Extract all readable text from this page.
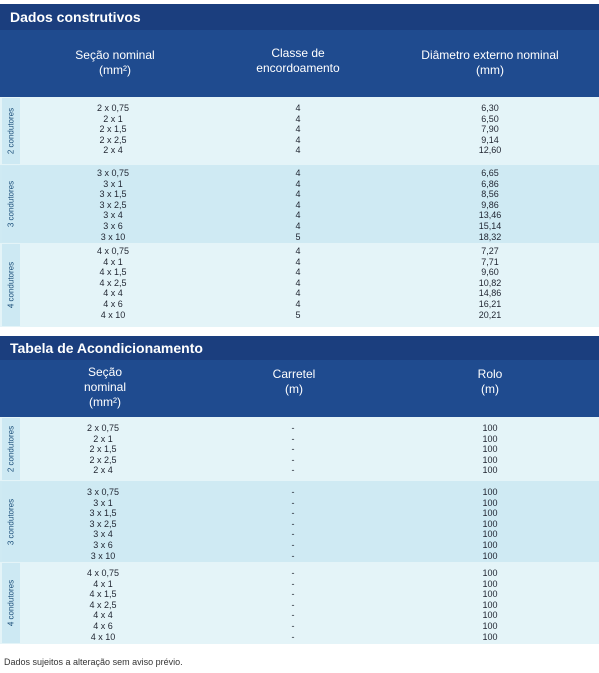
Dados construtivos
Seção nominal
(mm²)
Classe de
encordoamento
Diâmetro externo nominal
(mm)
2 condutores	2 x 0,75
2 x 1
2 x 1,5
2 x 2,5
2 x 4
4
4
4
4
4
6,30
6,50
7,90
9,14
12,60
3 condutores
3 x 0,75
3 x 1
3 x 1,5
3 x 2,5
3 x 4
3 x 6
3 x 10
4
4
4
4
4
4
5
6,65
6,86
8,56
9,86
13,46
15,14
18,32
4 condutores
4 x 0,75
4 x 1
4 x 1,5
4 x 2,5
4 x 4
4 x 6
4 x 10
4
4
4
4
4
4
5
7,27
7,71
9,60
10,82
14,86
16,21
20,21
Tabela de Acondicionamento
Seção
nominal
(mm²)
Carretel
(m)
Rolo
(m)
2 condutores	2 x 0,75
2 x 1
2 x 1,5
2 x 2,5
2 x 4
-
-
-
-
-
100
100
100
100
100
3 condutores
3 x 0,75
3 x 1
3 x 1,5
3 x 2,5
3 x 4
3 x 6
3 x 10
-
-
-
-
-
-
-
100
100
100
100
100
100
100
4 condutores
4 x 0,75
4 x 1
4 x 1,5
4 x 2,5
4 x 4
4 x 6
4 x 10
-
-
-
-
-
-
-
100
100
100
100
100
100
100
Dados sujeitos a alteração sem aviso prévio.
